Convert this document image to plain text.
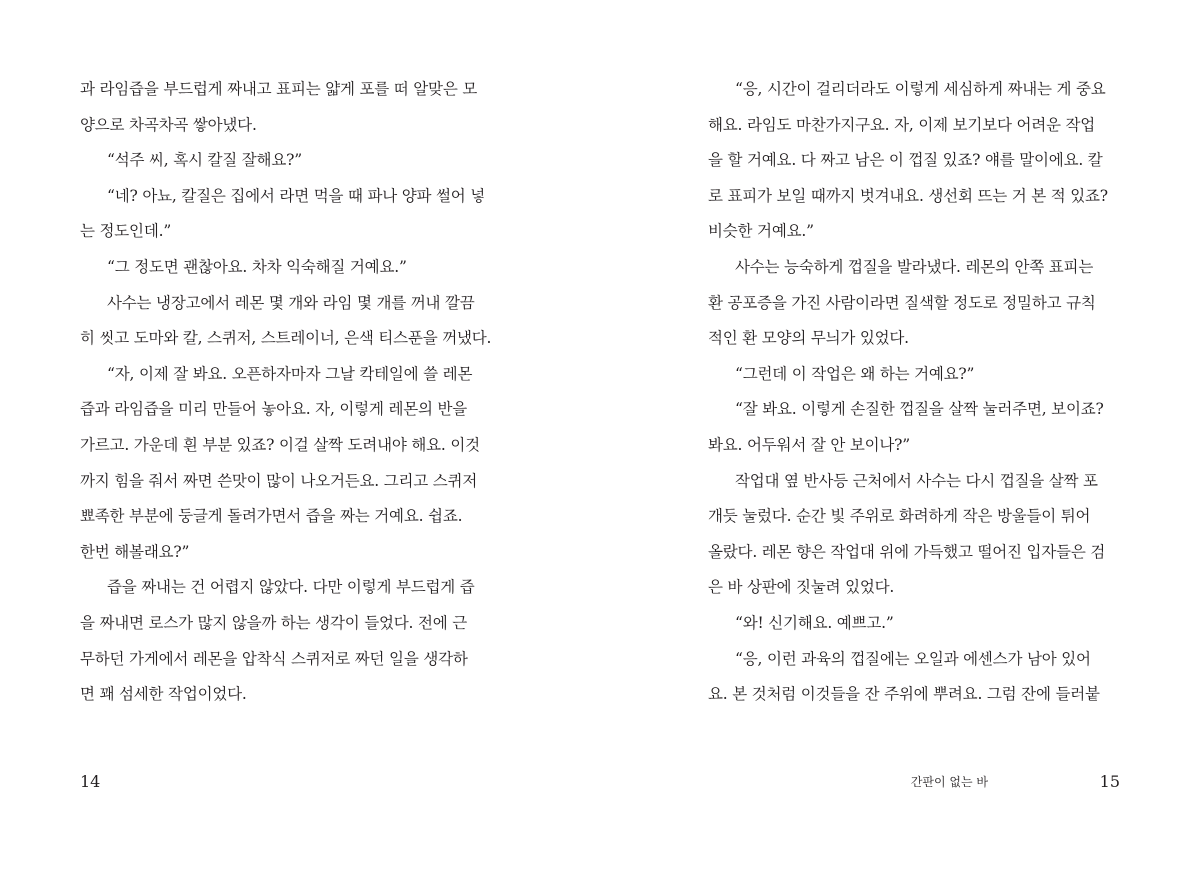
과 라임즙을 부드럽게 짜내고 표피는 얇게 포를 떠 알맞은 모
양으로 차곡차곡 쌓아냈다.
“석주 씨, 혹시 칼질 잘해요?”
“네? 아뇨, 칼질은 집에서 라면 먹을 때 파나 양파 썰어 넣
는 정도인데.”
“그 정도면 괜찮아요. 차차 익숙해질 거예요.”
사수는 냉장고에서 레몬 몇 개와 라임 몇 개를 꺼내 깔끔
히 씻고 도마와 칼, 스퀴저, 스트레이너, 은색 티스푼을 꺼냈다.
“자, 이제 잘 봐요. 오픈하자마자 그날 칵테일에 쓸 레몬
즙과 라임즙을 미리 만들어 놓아요. 자, 이렇게 레몬의 반을
가르고. 가운데 흰 부분 있죠? 이걸 살짝 도려내야 해요. 이것
까지 힘을 줘서 짜면 쓴맛이 많이 나오거든요. 그리고 스퀴저
뾰족한 부분에 둥글게 돌려가면서 즙을 짜는 거예요. 쉽죠.
한번 해볼래요?”
즙을 짜내는 건 어렵지 않았다. 다만 이렇게 부드럽게 즙
을 짜내면 로스가 많지 않을까 하는 생각이 들었다. 전에 근
무하던 가게에서 레몬을 압착식 스퀴저로 짜던 일을 생각하
면 꽤 섬세한 작업이었다.
14
“응, 시간이 걸리더라도 이렇게 세심하게 짜내는 게 중요
해요. 라임도 마찬가지구요. 자, 이제 보기보다 어려운 작업
을 할 거예요. 다 짜고 남은 이 껍질 있죠? 얘를 말이에요. 칼
로 표피가 보일 때까지 벗겨내요. 생선회 뜨는 거 본 적 있죠?
비슷한 거예요.”
사수는 능숙하게 껍질을 발라냈다. 레몬의 안쪽 표피는
환 공포증을 가진 사람이라면 질색할 정도로 정밀하고 규칙
적인 환 모양의 무늬가 있었다.
“그런데 이 작업은 왜 하는 거예요?”
“잘 봐요. 이렇게 손질한 껍질을 살짝 눌러주면, 보이죠?
봐요. 어두워서 잘 안 보이나?”
작업대 옆 반사등 근처에서 사수는 다시 껍질을 살짝 포
개듯 눌렀다. 순간 빛 주위로 화려하게 작은 방울들이 튀어
올랐다. 레몬 향은 작업대 위에 가득했고 떨어진 입자들은 검
은 바 상판에 짓눌려 있었다.
“와! 신기해요. 예쁘고.”
“응, 이런 과육의 껍질에는 오일과 에센스가 남아 있어
요. 본 것처럼 이것들을 잔 주위에 뿌려요. 그럼 잔에 들러붙
간판이 없는 바	15
